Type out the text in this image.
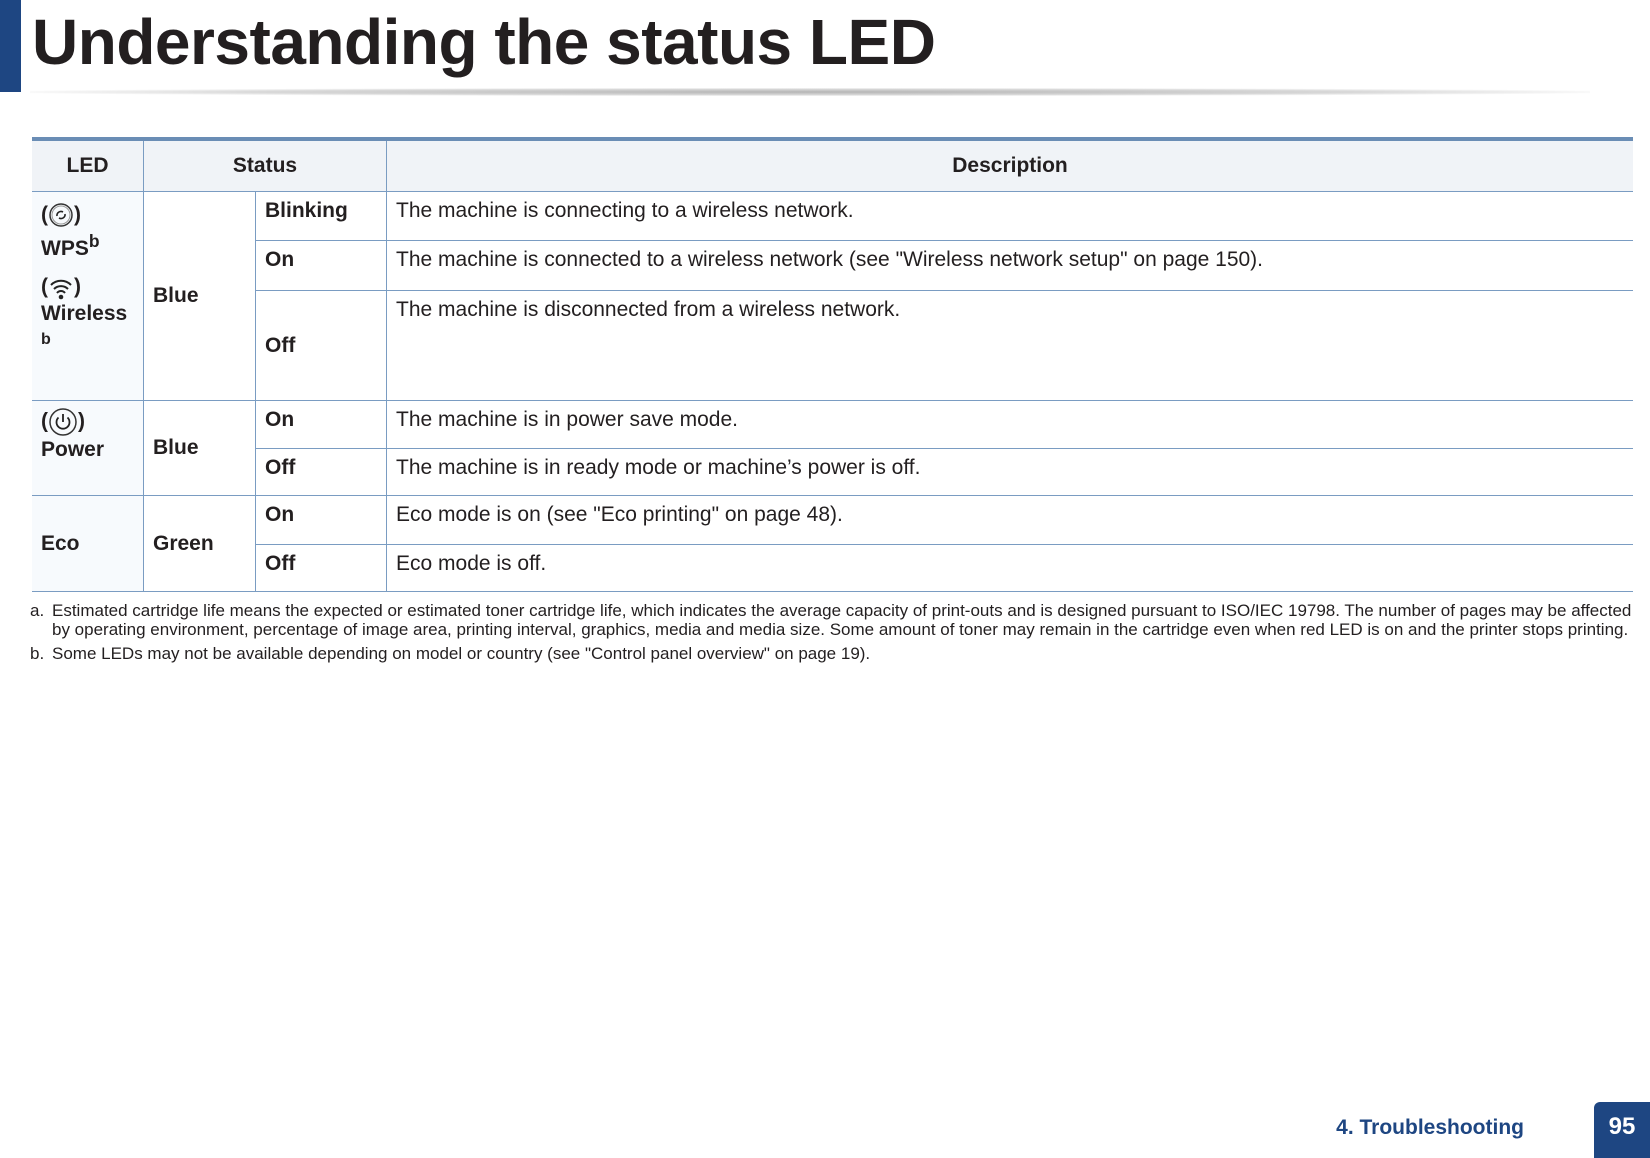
Understanding the status LED
LED	Status		Description

( )
WPS$^b$
( )
Wireless
b	Blue	Blinking	The machine is connecting to a wireless network.
		On	The machine is connected to a wireless network (see "Wireless network setup" on page 150).
		Off	The machine is disconnected from a wireless network.

( )
Power	Blue	On	The machine is in power save mode.
		Off	The machine is in ready mode or machine’s power is off.
Eco	Green	On	Eco mode is on (see "Eco printing" on page 48).
		Off	Eco mode is off.
a. Estimated cartridge life means the expected or estimated toner cartridge life, which indicates the average capacity of print-outs and is designed pursuant to ISO/IEC 19798. The number of pages may be affected by operating environment, percentage of image area, printing interval, graphics, media and media size. Some amount of toner may remain in the cartridge even when red LED is on and the printer stops printing.
b. Some LEDs may not be available depending on model or country (see "Control panel overview" on page 19).
4. Troubleshooting	95
